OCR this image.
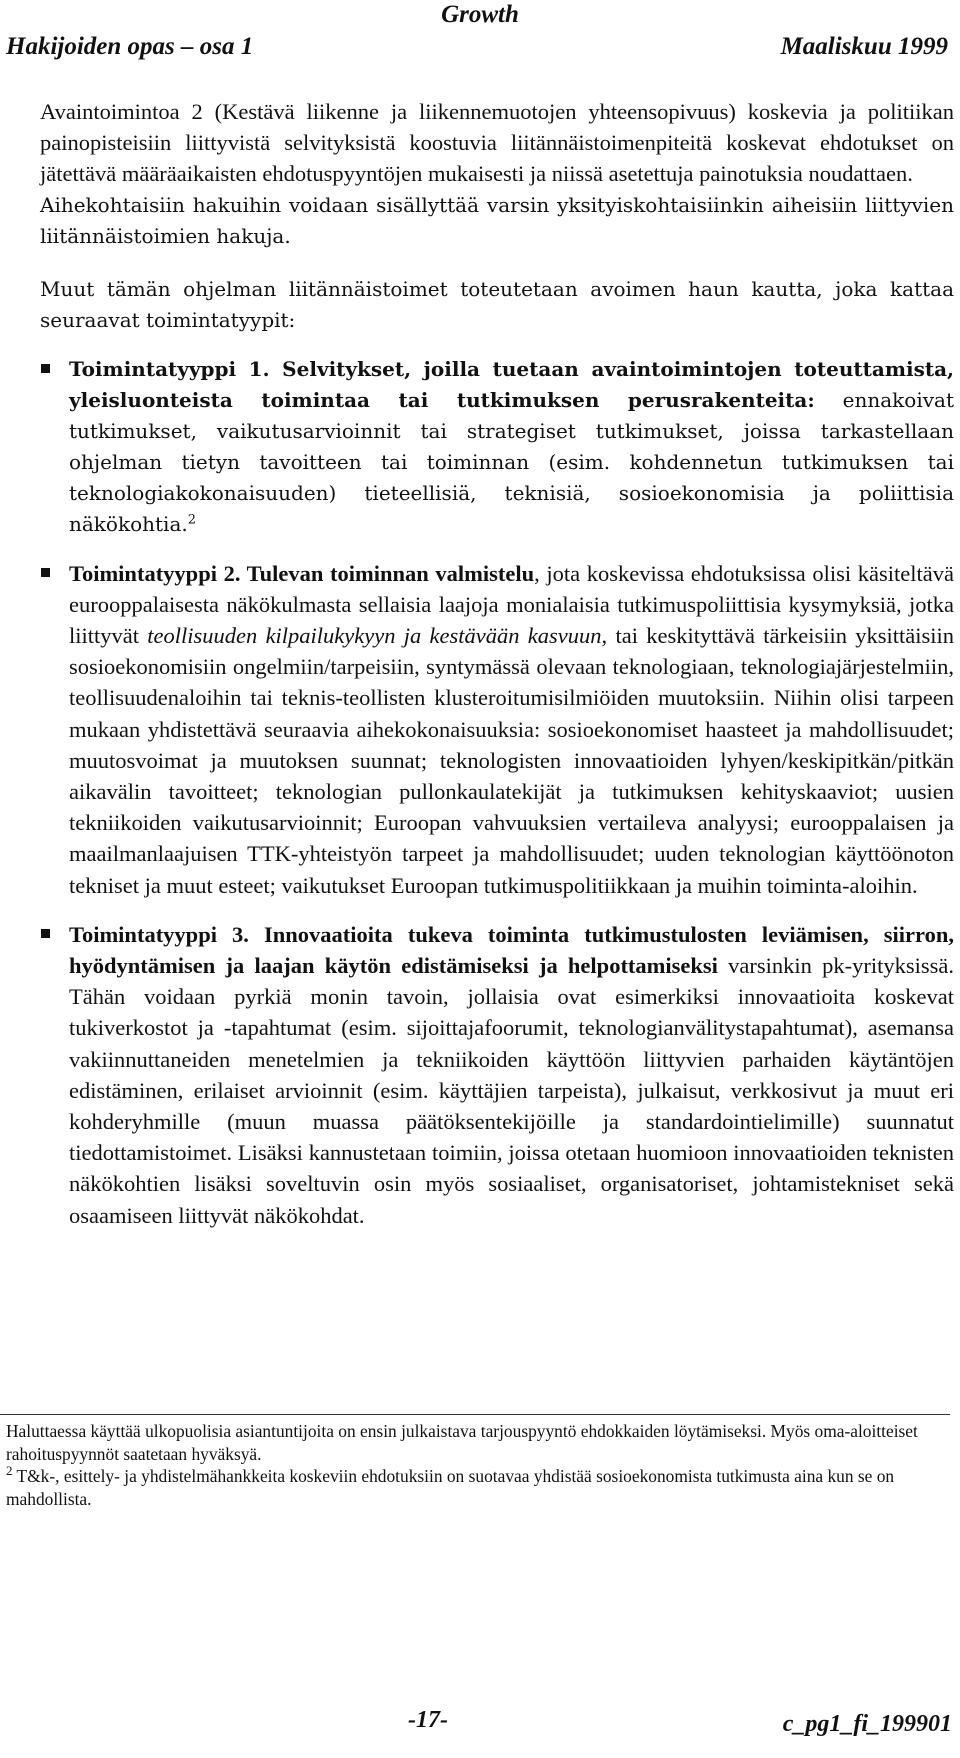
Growth
Hakijoiden opas – osa 1	Maaliskuu 1999

Avaintoimintoa 2 (Kestävä liikenne ja liikennemuotojen yhteensopivuus) koskevia ja politiikan painopisteisiin liittyvistä selvityksistä koostuvia liitännäistoimenpiteitä koskevat ehdotukset on jätettävä määräaikaisten ehdotuspyyntöjen mukaisesti ja niissä asetettuja painotuksia noudattaen.

Aihekohtaisiin hakuihin voidaan sisällyttää varsin yksityiskohtaisiinkin aiheisiin liittyvien liitännäistoimien hakuja.

Muut tämän ohjelman liitännäistoimet toteutetaan avoimen haun kautta, joka kattaa seuraavat toimintatyypit:

Toimintatyyppi 1. Selvitykset, joilla tuetaan avaintoimintojen toteuttamista, yleisluonteista toimintaa tai tutkimuksen perusrakenteita: ennakoivat tutkimukset, vaikutusarvioinnit tai strategiset tutkimukset, joissa tarkastellaan ohjelman tietyn tavoitteen tai toiminnan (esim. kohdennetun tutkimuksen tai teknologiakokonaisuuden) tieteellisiä, teknisiä, sosioekonomisia ja poliittisia näkökohtia.$^2$

Toimintatyyppi 2. Tulevan toiminnan valmistelu, jota koskevissa ehdotuksissa olisi käsiteltävä eurooppalaisesta näkökulmasta sellaisia laajoja monialaisia tutkimuspoliittisia kysymyksiä, jotka liittyvät teollisuuden kilpailukykyyn ja kestävään kasvuun, tai keskityttävä tärkeisiin yksittäisiin sosioekonomisiin ongelmiin/tarpeisiin, syntymässä olevaan teknologiaan, teknologiajärjestelmiin, teollisuudenaloihin tai teknis-teollisten klusteroitumisilmiöiden muutoksiin. Niihin olisi tarpeen mukaan yhdistettävä seuraavia aihekokonaisuuksia: sosioekonomiset haasteet ja mahdollisuudet; muutosvoimat ja muutoksen suunnat; teknologisten innovaatioiden lyhyen/keskipitkän/pitkän aikavälin tavoitteet; teknologian pullonkaulatekijät ja tutkimuksen kehityskaaviot; uusien tekniikoiden vaikutusarvioinnit; Euroopan vahvuuksien vertaileva analyysi; eurooppalaisen ja maailmanlaajuisen TTK-yhteistyön tarpeet ja mahdollisuudet; uuden teknologian käyttöönoton tekniset ja muut esteet; vaikutukset Euroopan tutkimuspolitiikkaan ja muihin toiminta-aloihin.

Toimintatyyppi 3. Innovaatioita tukeva toiminta tutkimustulosten leviämisen, siirron, hyödyntämisen ja laajan käytön edistämiseksi ja helpottamiseksi varsinkin pk-yrityksissä. Tähän voidaan pyrkiä monin tavoin, jollaisia ovat esimerkiksi innovaatioita koskevat tukiverkostot ja -tapahtumat (esim. sijoittajafoorumit, teknologianvälitystapahtumat), asemansa vakiinnuttaneiden menetelmien ja tekniikoiden käyttöön liittyvien parhaiden käytäntöjen edistäminen, erilaiset arvioinnit (esim. käyttäjien tarpeista), julkaisut, verkkosivut ja muut eri kohderyhmille (muun muassa päätöksentekijöille ja standardointielimille) suunnatut tiedottamistoimet. Lisäksi kannustetaan toimiin, joissa otetaan huomioon innovaatioiden teknisten näkökohtien lisäksi soveltuvin osin myös sosiaaliset, organisatoriset, johtamistekniset sekä osaamiseen liittyvät näkökohdat.

Haluttaessa käyttää ulkopuolisia asiantuntijoita on ensin julkaistava tarjouspyyntö ehdokkaiden löytämiseksi. Myös oma-aloitteiset rahoituspyynnöt saatetaan hyväksyä.

$^2$ T&k-, esittely- ja yhdistelmähankkeita koskeviin ehdotuksiin on suotavaa yhdistää sosioekonomista tutkimusta aina kun se on mahdollista.

-17-	c_pg1_fi_199901
